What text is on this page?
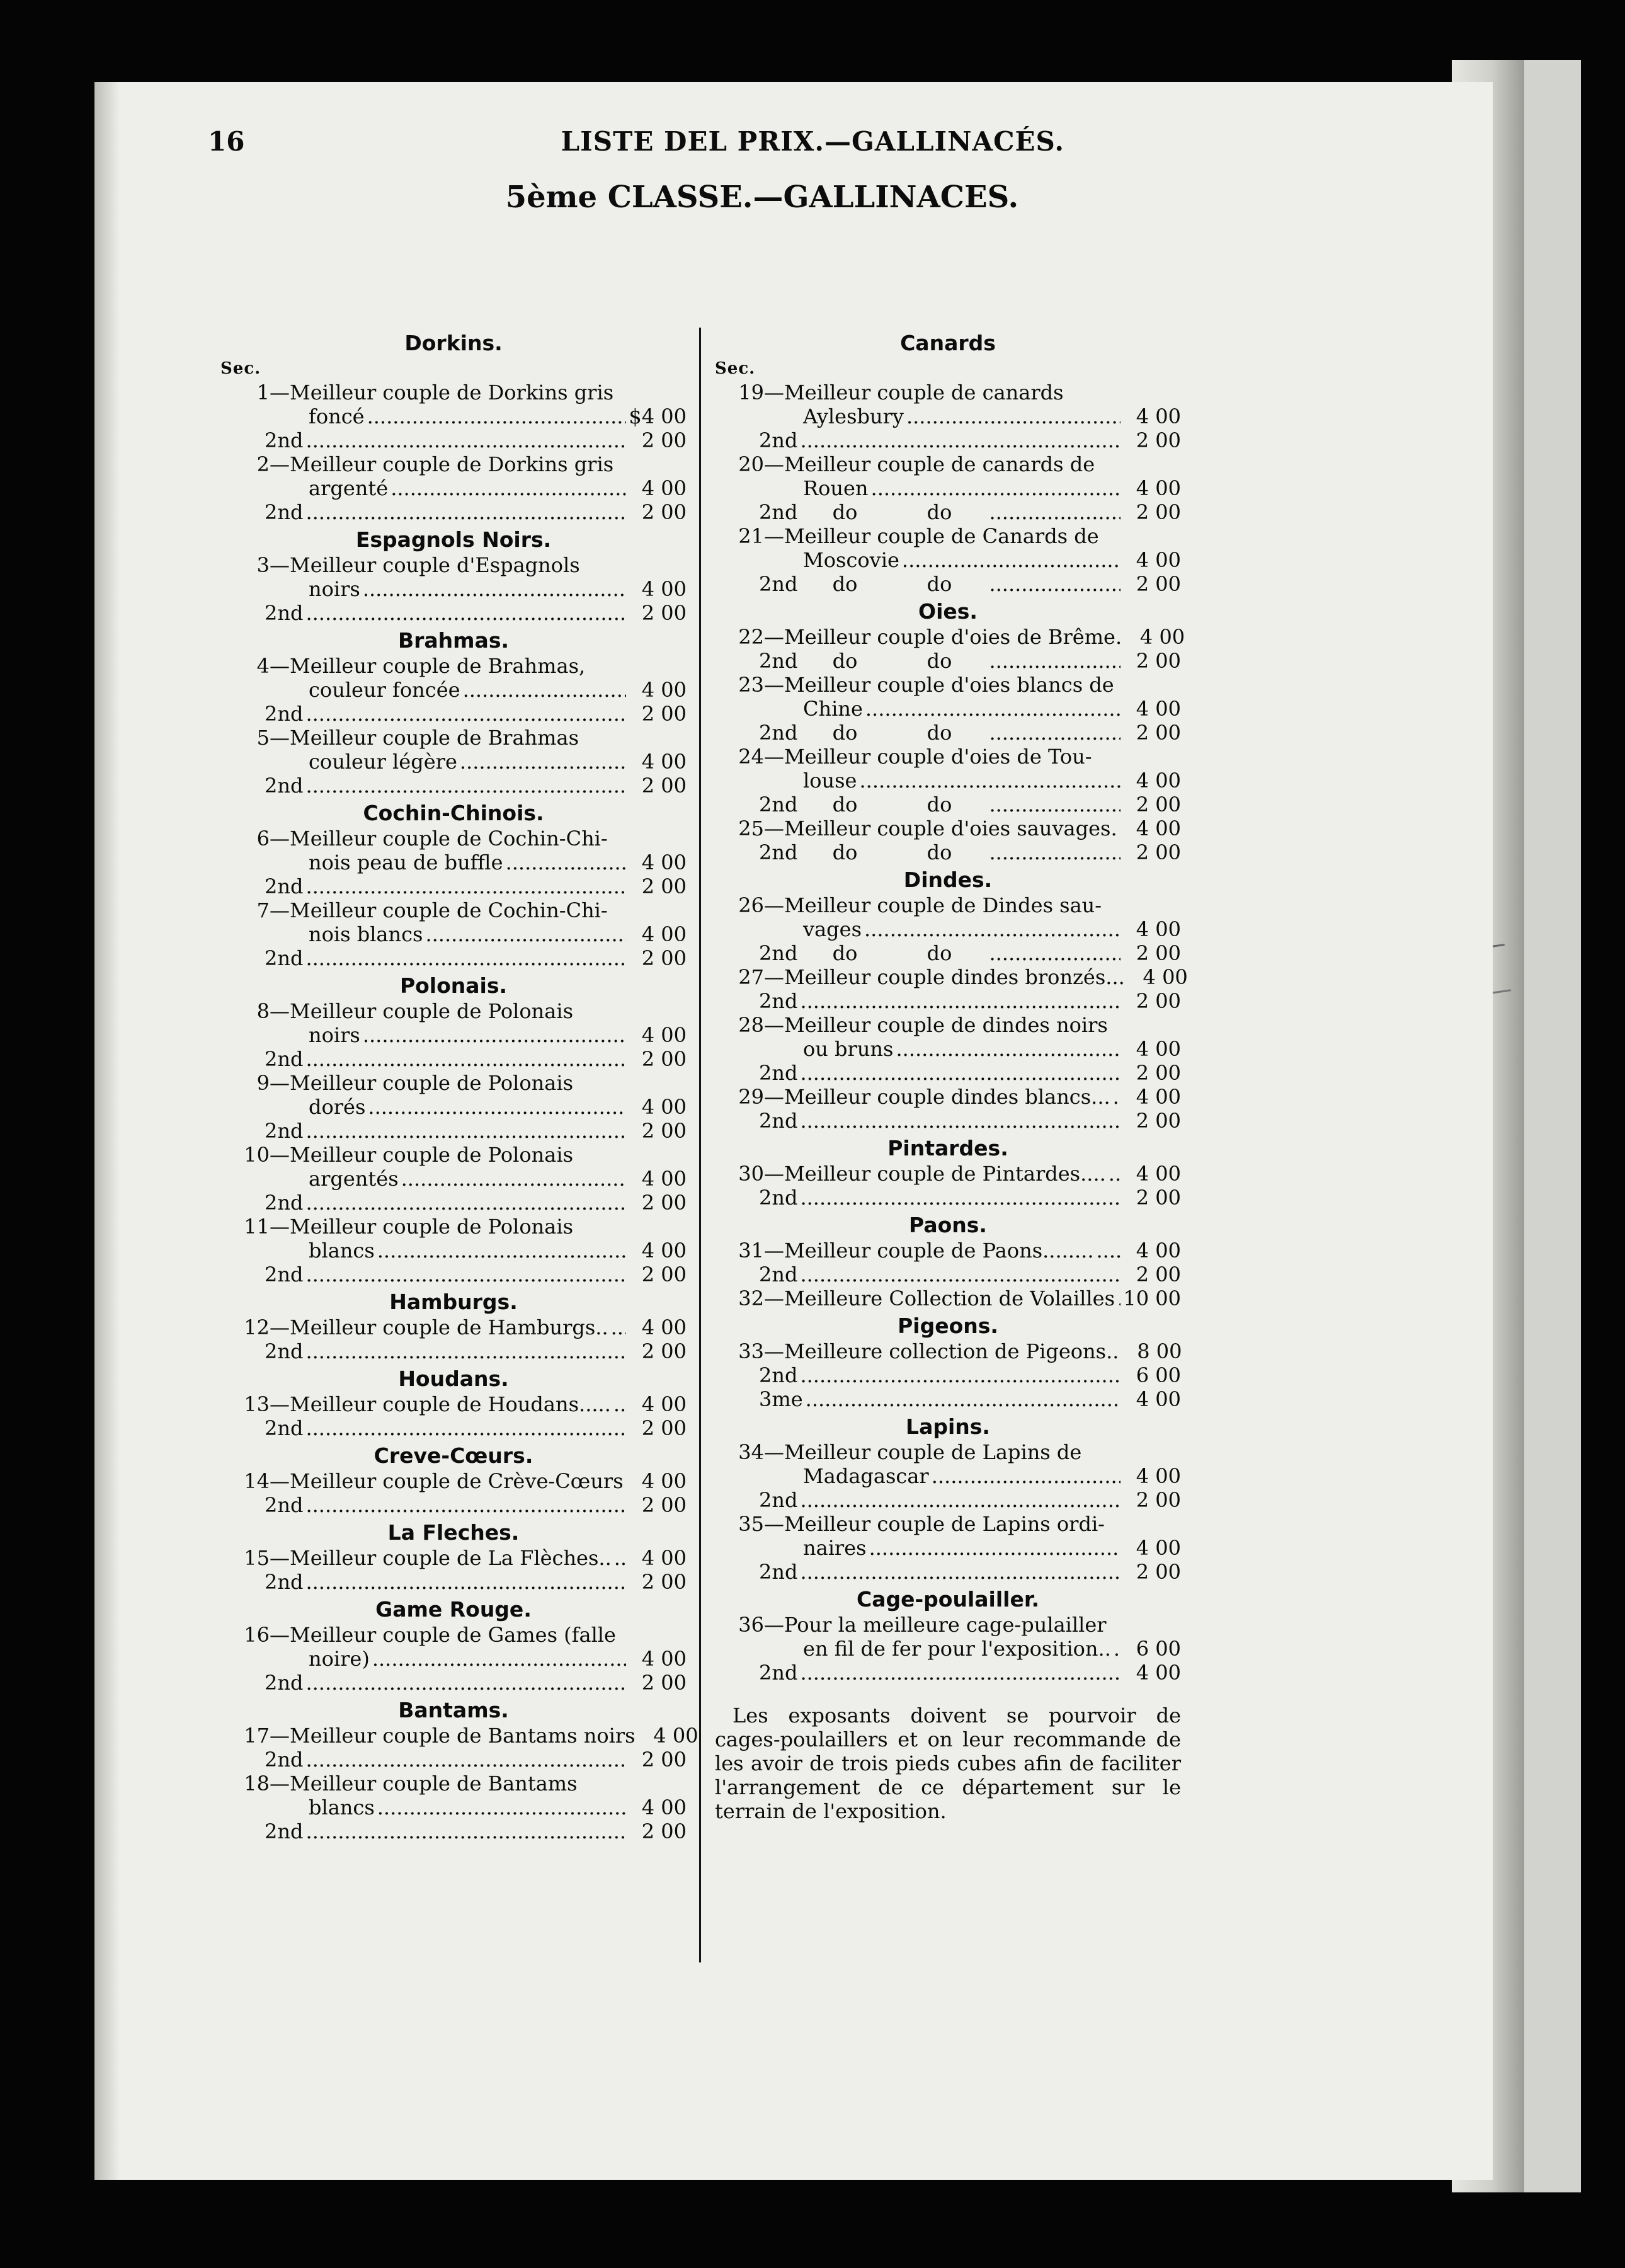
16	LISTE DEL PRIX.—GALLINACÉS.
5ème CLASSE.—GALLINACES.
Dorkins.
Sec.
1 — Meilleur couple de Dorkins gris
foncé .....	$4 00
2nd .....	2 00
2 — Meilleur couple de Dorkins gris
argenté .....	4 00
2nd .....	2 00
Espagnols Noirs.
3 — Meilleur couple d'Espagnols
noirs .....	4 00
2nd .....	2 00
Brahmas.
4 — Meilleur couple de Brahmas,
couleur foncée .....	4 00
2nd .....	2 00
5 — Meilleur couple de Brahmas
couleur légère .....	4 00
2nd .....	2 00
Cochin-Chinois.
6 — Meilleur couple de Cochin-Chi-
nois peau de buffle .....	4 00
2nd .....	2 00
7 — Meilleur couple de Cochin-Chi-
nois blancs .....	4 00
2nd .....	2 00
Polonais.
8 — Meilleur couple de Polonais
noirs .....	4 00
2nd .....	2 00
9 — Meilleur couple de Polonais
dorés .....	4 00
2nd .....	2 00
10 — Meilleur couple de Polonais
argentés .....	4 00
2nd .....	2 00
11 — Meilleur couple de Polonais
blancs .....	4 00
2nd .....	2 00
Hamburgs.
12 — Meilleur couple de Hamburgs.. .....	4 00
2nd .....	2 00
Houdans.
13 — Meilleur couple de Houdans..... .....	4 00
2nd .....	2 00
Creve-Cœurs.
14 — Meilleur couple de Crève-Cœurs ..... 4 00
2nd .....	2 00
La Fleches.
15 — Meilleur couple de La Flèches.. .....	4 00
2nd .....	2 00
Game Rouge.
16 — Meilleur couple de Games (falle
noire) .....	4 00
2nd .....	2 00
Bantams.
17 — Meilleur couple de Bantams noirs 4 00
2nd .....	2 00
18 — Meilleur couple de Bantams
blancs .....	4 00
2nd .....	2 00
Canards
Sec.
19 — Meilleur couple de canards
Aylesbury .....	4 00
2nd .....	2 00
20 — Meilleur couple de canards de
Rouen .....	4 00
2nd	do	do .....	2 00
21 — Meilleur couple de Canards de
Moscovie .....	4 00
2nd	do	do .....	2 00
Oies.
22 — Meilleur couple d'oies de Brême. 4 00
2nd	do	do .....	2 00
23 — Meilleur couple d'oies blancs de
Chine .....	4 00
2nd	do	do .....	2 00
24 — Meilleur couple d'oies de Tou-
louse .....	4 00
2nd	do	do .....	2 00
25 — Meilleur couple d'oies sauvages. ..... 4 00
2nd	do	do .....	2 00
Dindes.
26 — Meilleur couple de Dindes sau-
vages .....	4 00
2nd	do	do .....	2 00
27 — Meilleur couple dindes bronzés... 4 00
2nd .....	2 00
28 — Meilleur couple de dindes noirs
ou bruns .....	4 00
2nd .....	2 00
29 — Meilleur couple dindes blancs... .....	4 00
2nd .....	2 00
Pintardes.
30 — Meilleur couple de Pintardes.... .....	4 00
2nd .....	2 00
Paons.
31 — Meilleur couple de Paons........ .....	4 00
2nd .....	2 00
32 — Meilleure Collection de Volailles ..... 10 00
Pigeons.
33 — Meilleure collection de Pigeons.. 8 00
2nd .....	6 00
3me .....	4 00
Lapins.
34 — Meilleur couple de Lapins de
Madagascar .....	4 00
2nd .....	2 00
35 — Meilleur couple de Lapins ordi-
naires .....	4 00
2nd .....	2 00
Cage-poulailler.
36 — Pour la meilleure cage-pulailler
en fil de fer pour l'exposition.. .....	6 00
2nd .....	4 00
Les exposants doivent se pourvoir de cages-poulaillers et on leur recommande de les avoir de trois pieds cubes afin de faciliter l'arrangement de ce département sur le terrain de l'exposition.
